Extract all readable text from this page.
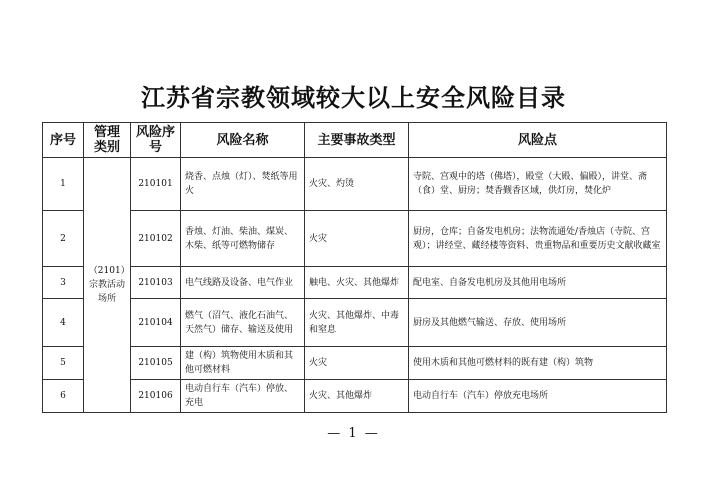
江苏省宗教领域较大以上安全风险目录
序号	管理类别	风险序号	风险名称	主要事故类型	风险点
1	（2101）宗教活动场所	210101	烧香、点烛（灯）、焚纸等用火	火灾、灼烫	寺院、宫观中的塔（佛塔），殿堂（大殿、偏殿），讲堂、斋（食）堂、厨房；焚香觐香区域，供灯房，焚化炉
2		210102	香烛、灯油、柴油、煤炭、木柴、纸等可燃物储存	火灾	厨房，仓库；自备发电机房；法物流通处/香烛店（寺院、宫观）；讲经堂、藏经楼等资料、贵重物品和重要历史文献收藏室
3		210103	电气线路及设备、电气作业	触电、火灾、其他爆炸	配电室、自备发电机房及其他用电场所
4		210104	燃气（沼气、液化石油气、天然气）储存、输送及使用	火灾、其他爆炸、中毒和窒息	厨房及其他燃气输送、存放、使用场所
5		210105	建（构）筑物使用木质和其他可燃材料	火灾	使用木质和其他可燃材料的既有建（构）筑物
6		210106	电动自行车（汽车）停放、充电	火灾、其他爆炸	电动自行车（汽车）停放充电场所
— 1 —
